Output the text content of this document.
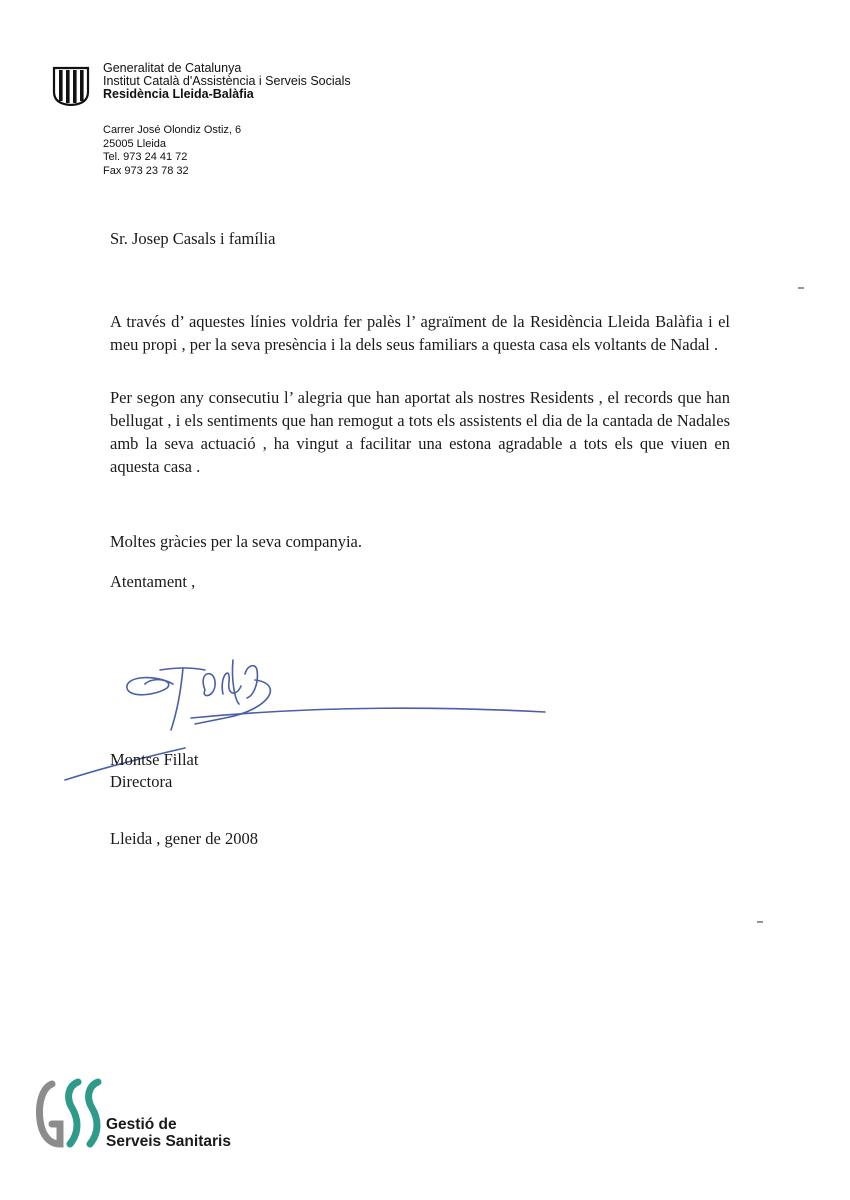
Generalitat de Catalunya
Institut Català d'Assistència i Serveis Socials
Residència Lleida-Balàfia
Carrer José Olondiz Ostiz, 6
25005 Lleida
Tel. 973 24 41 72
Fax 973 23 78 32
Sr. Josep Casals i família
A través d’ aquestes línies voldria fer palès l’ agraïment de la Residència Lleida Balàfia i el meu propi , per la seva presència i la dels seus familiars a questa casa els voltants de Nadal .
Per segon any consecutiu l’ alegria que han aportat als nostres Residents , el records que han bellugat , i els sentiments que han remogut a tots els assistents el dia de la cantada de Nadales amb la seva actuació , ha vingut a facilitar una estona agradable a tots els que viuen en aquesta casa .
Moltes gràcies per la seva companyia.
Atentament ,
Montse Fillat
Directora
Lleida , gener de 2008
Gestió de
Serveis Sanitaris
